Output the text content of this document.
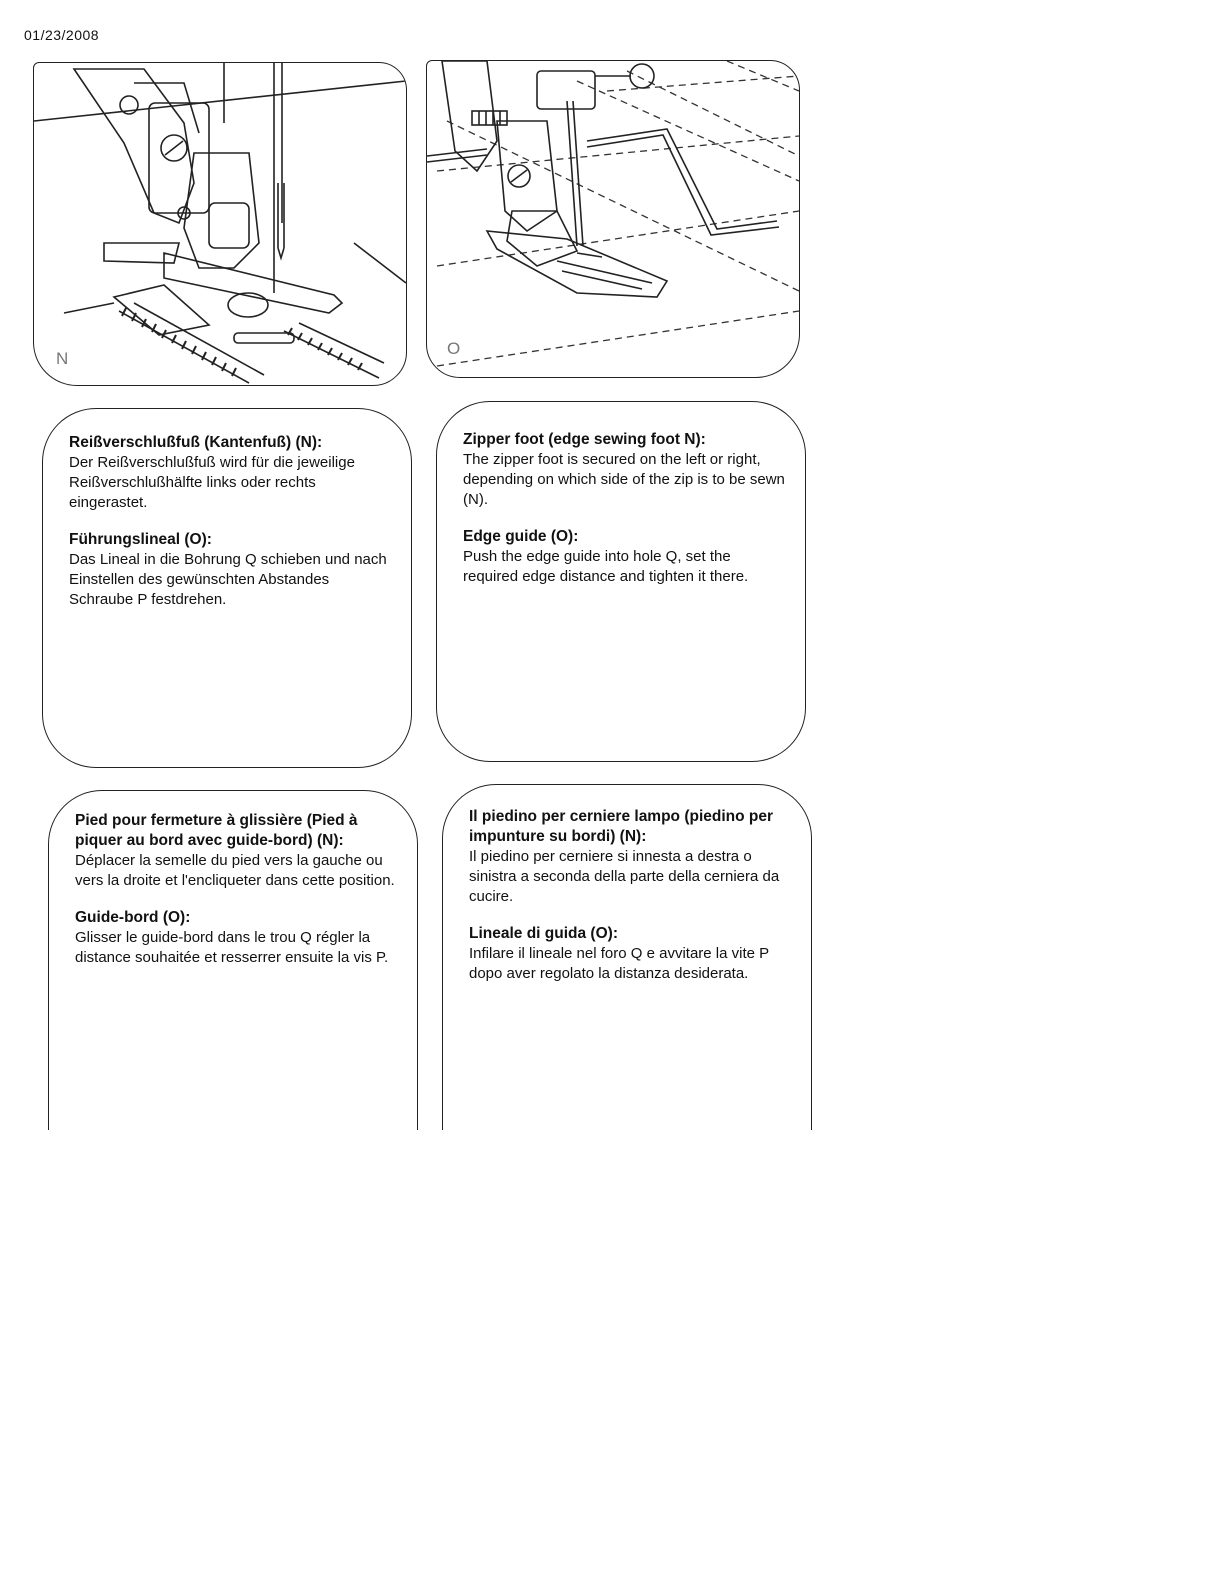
01/23/2008
N
O

Reißverschlußfuß (Kantenfuß) (N):

Der Reißverschlußfuß wird für die jeweilige Reißverschlußhälfte links oder rechts eingerastet.

Führungslineal (O):

Das Lineal in die Bohrung Q schieben und nach Einstellen des gewünschten Abstandes Schraube P festdrehen.

Zipper foot (edge sewing foot N):

The zipper foot is secured on the left or right, depending on which side of the zip is to be sewn (N).

Edge guide (O):

Push the edge guide into hole Q, set the required edge distance and tighten it there.

Pied pour fermeture à glissière (Pied à piquer au bord avec guide-bord) (N):

Déplacer la semelle du pied vers la gauche ou vers la droite et l'encliqueter dans cette position.

Guide-bord (O):

Glisser le guide-bord dans le trou Q régler la distance souhaitée et resserrer ensuite la vis P.

Il piedino per cerniere lampo (piedino per impunture su bordi) (N):

Il piedino per cerniere si innesta a destra o sinistra a seconda della parte della cerniera da cucire.

Lineale di guida (O):

Infilare il lineale nel foro Q e avvitare la vite P dopo aver regolato la distanza desiderata.
